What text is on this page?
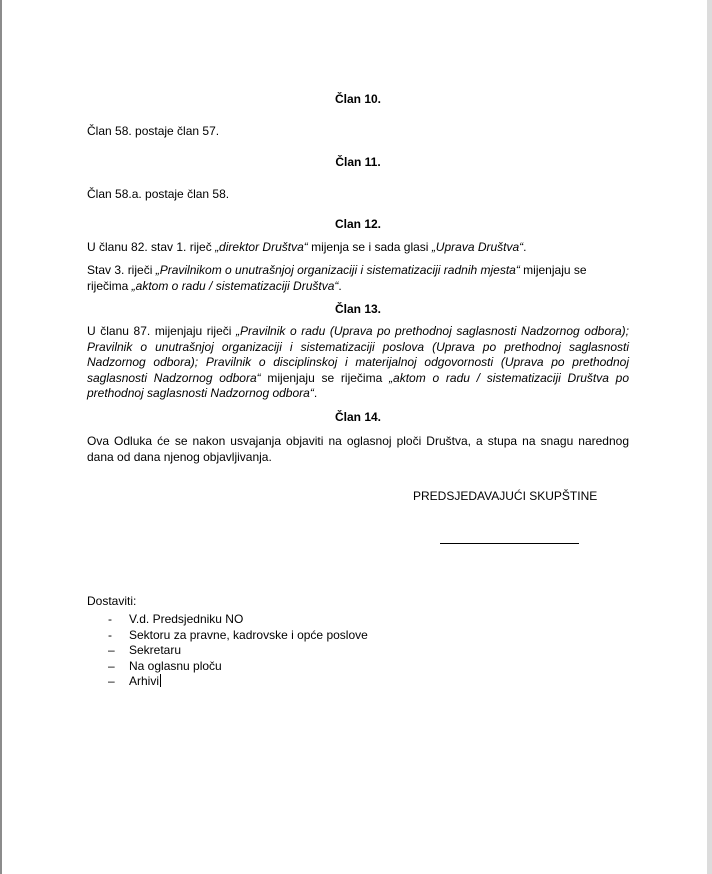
Član 10.

Član 58. postaje član 57.

Član 11.

Član 58.a. postaje član 58.

Clan 12.

U članu 82. stav 1. riječ „direktor Društva“ mijenja se i sada glasi „Uprava Društva“.

Stav 3. riječi „Pravilnikom o unutrašnjoj organizaciji i sistematizaciji radnih mjesta“ mijenjaju se riječima „aktom o radu / sistematizaciji Društva“.

Član 13.

U članu 87. mijenjaju riječi „Pravilnik o radu (Uprava po prethodnoj saglasnosti Nadzornog odbora); Pravilnik o unutrašnjoj organizaciji i sistematizaciji poslova (Uprava po prethodnoj saglasnosti Nadzornog odbora); Pravilnik o disciplinskoj i materijalnoj odgovornosti (Uprava po prethodnoj saglasnosti Nadzornog odbora“ mijenjaju se riječima „aktom o radu / sistematizaciji Društva po prethodnoj saglasnosti Nadzornog odbora“.

Član 14.

Ova Odluka će se nakon usvajanja objaviti na oglasnoj ploči Društva, a stupa na snagu narednog dana od dana njenog objavljivanja.

PREDSJEDAVAJUĆI SKUPŠTINE

Dostaviti:

- V.d. Predsjedniku NO
- Sektoru za pravne, kadrovske i opće poslove
– Sekretaru
– Na oglasnu ploču
– Arhivi
